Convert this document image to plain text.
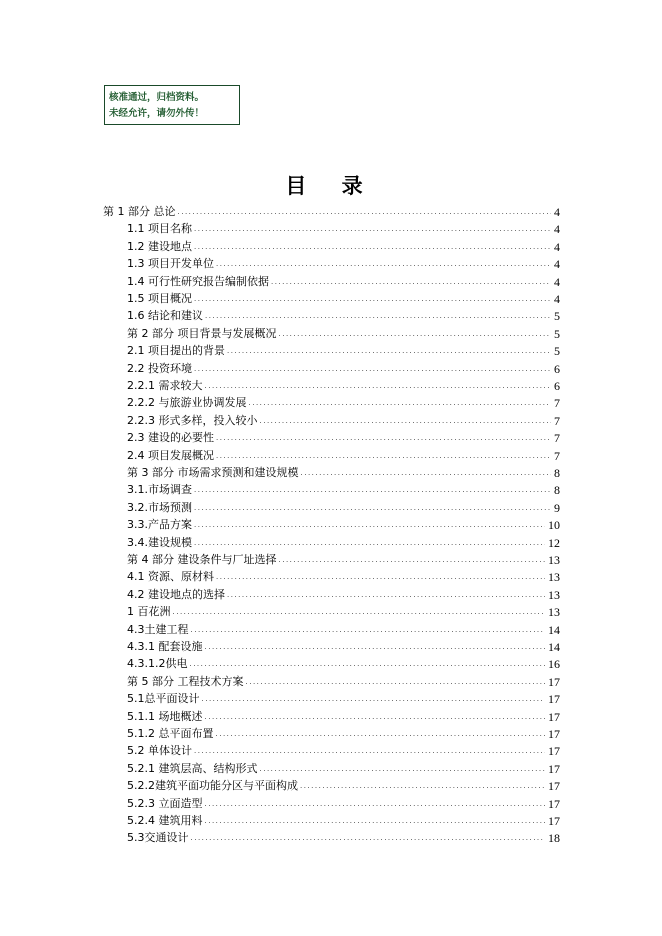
核准通过，归档资料。
未经允许，请勿外传！
目 录
第 1 部分 总论 .....	4
1.1 项目名称 .....	4
1.2 建设地点 .....	4
1.3 项目开发单位 .....	4
1.4 可行性研究报告编制依据 .....	4
1.5 项目概况 .....	4
1.6 结论和建议 .....	5
第 2 部分 项目背景与发展概况 .....	5
2.1 项目提出的背景 .....	5
2.2 投资环境 .....	6
2.2.1 需求较大 .....	6
2.2.2 与旅游业协调发展 .....	7
2.2.3 形式多样，投入较小 .....	7
2.3 建设的必要性 .....	7
2.4 项目发展概况 .....	7
第 3 部分 市场需求预测和建设规模 .....	8
3.1.市场调查 .....	8
3.2.市场预测 .....	9
3.3.产品方案 .....	10
3.4.建设规模 .....	12
第 4 部分 建设条件与厂址选择 .....	13
4.1 资源、原材料 .....	13
4.2 建设地点的选择 .....	13
1 百花洲 .....	13
4.3土建工程 .....	14
4.3.1 配套设施 .....	14
4.3.1.2供电 .....	16
第 5 部分 工程技术方案 .....	17
5.1总平面设计 .....	17
5.1.1 场地概述 .....	17
5.1.2 总平面布置 .....	17
5.2 单体设计 .....	17
5.2.1 建筑层高、结构形式 .....	17
5.2.2建筑平面功能分区与平面构成 .....	17
5.2.3 立面造型 .....	17
5.2.4 建筑用料 .....	17
5.3交通设计 .....	18
